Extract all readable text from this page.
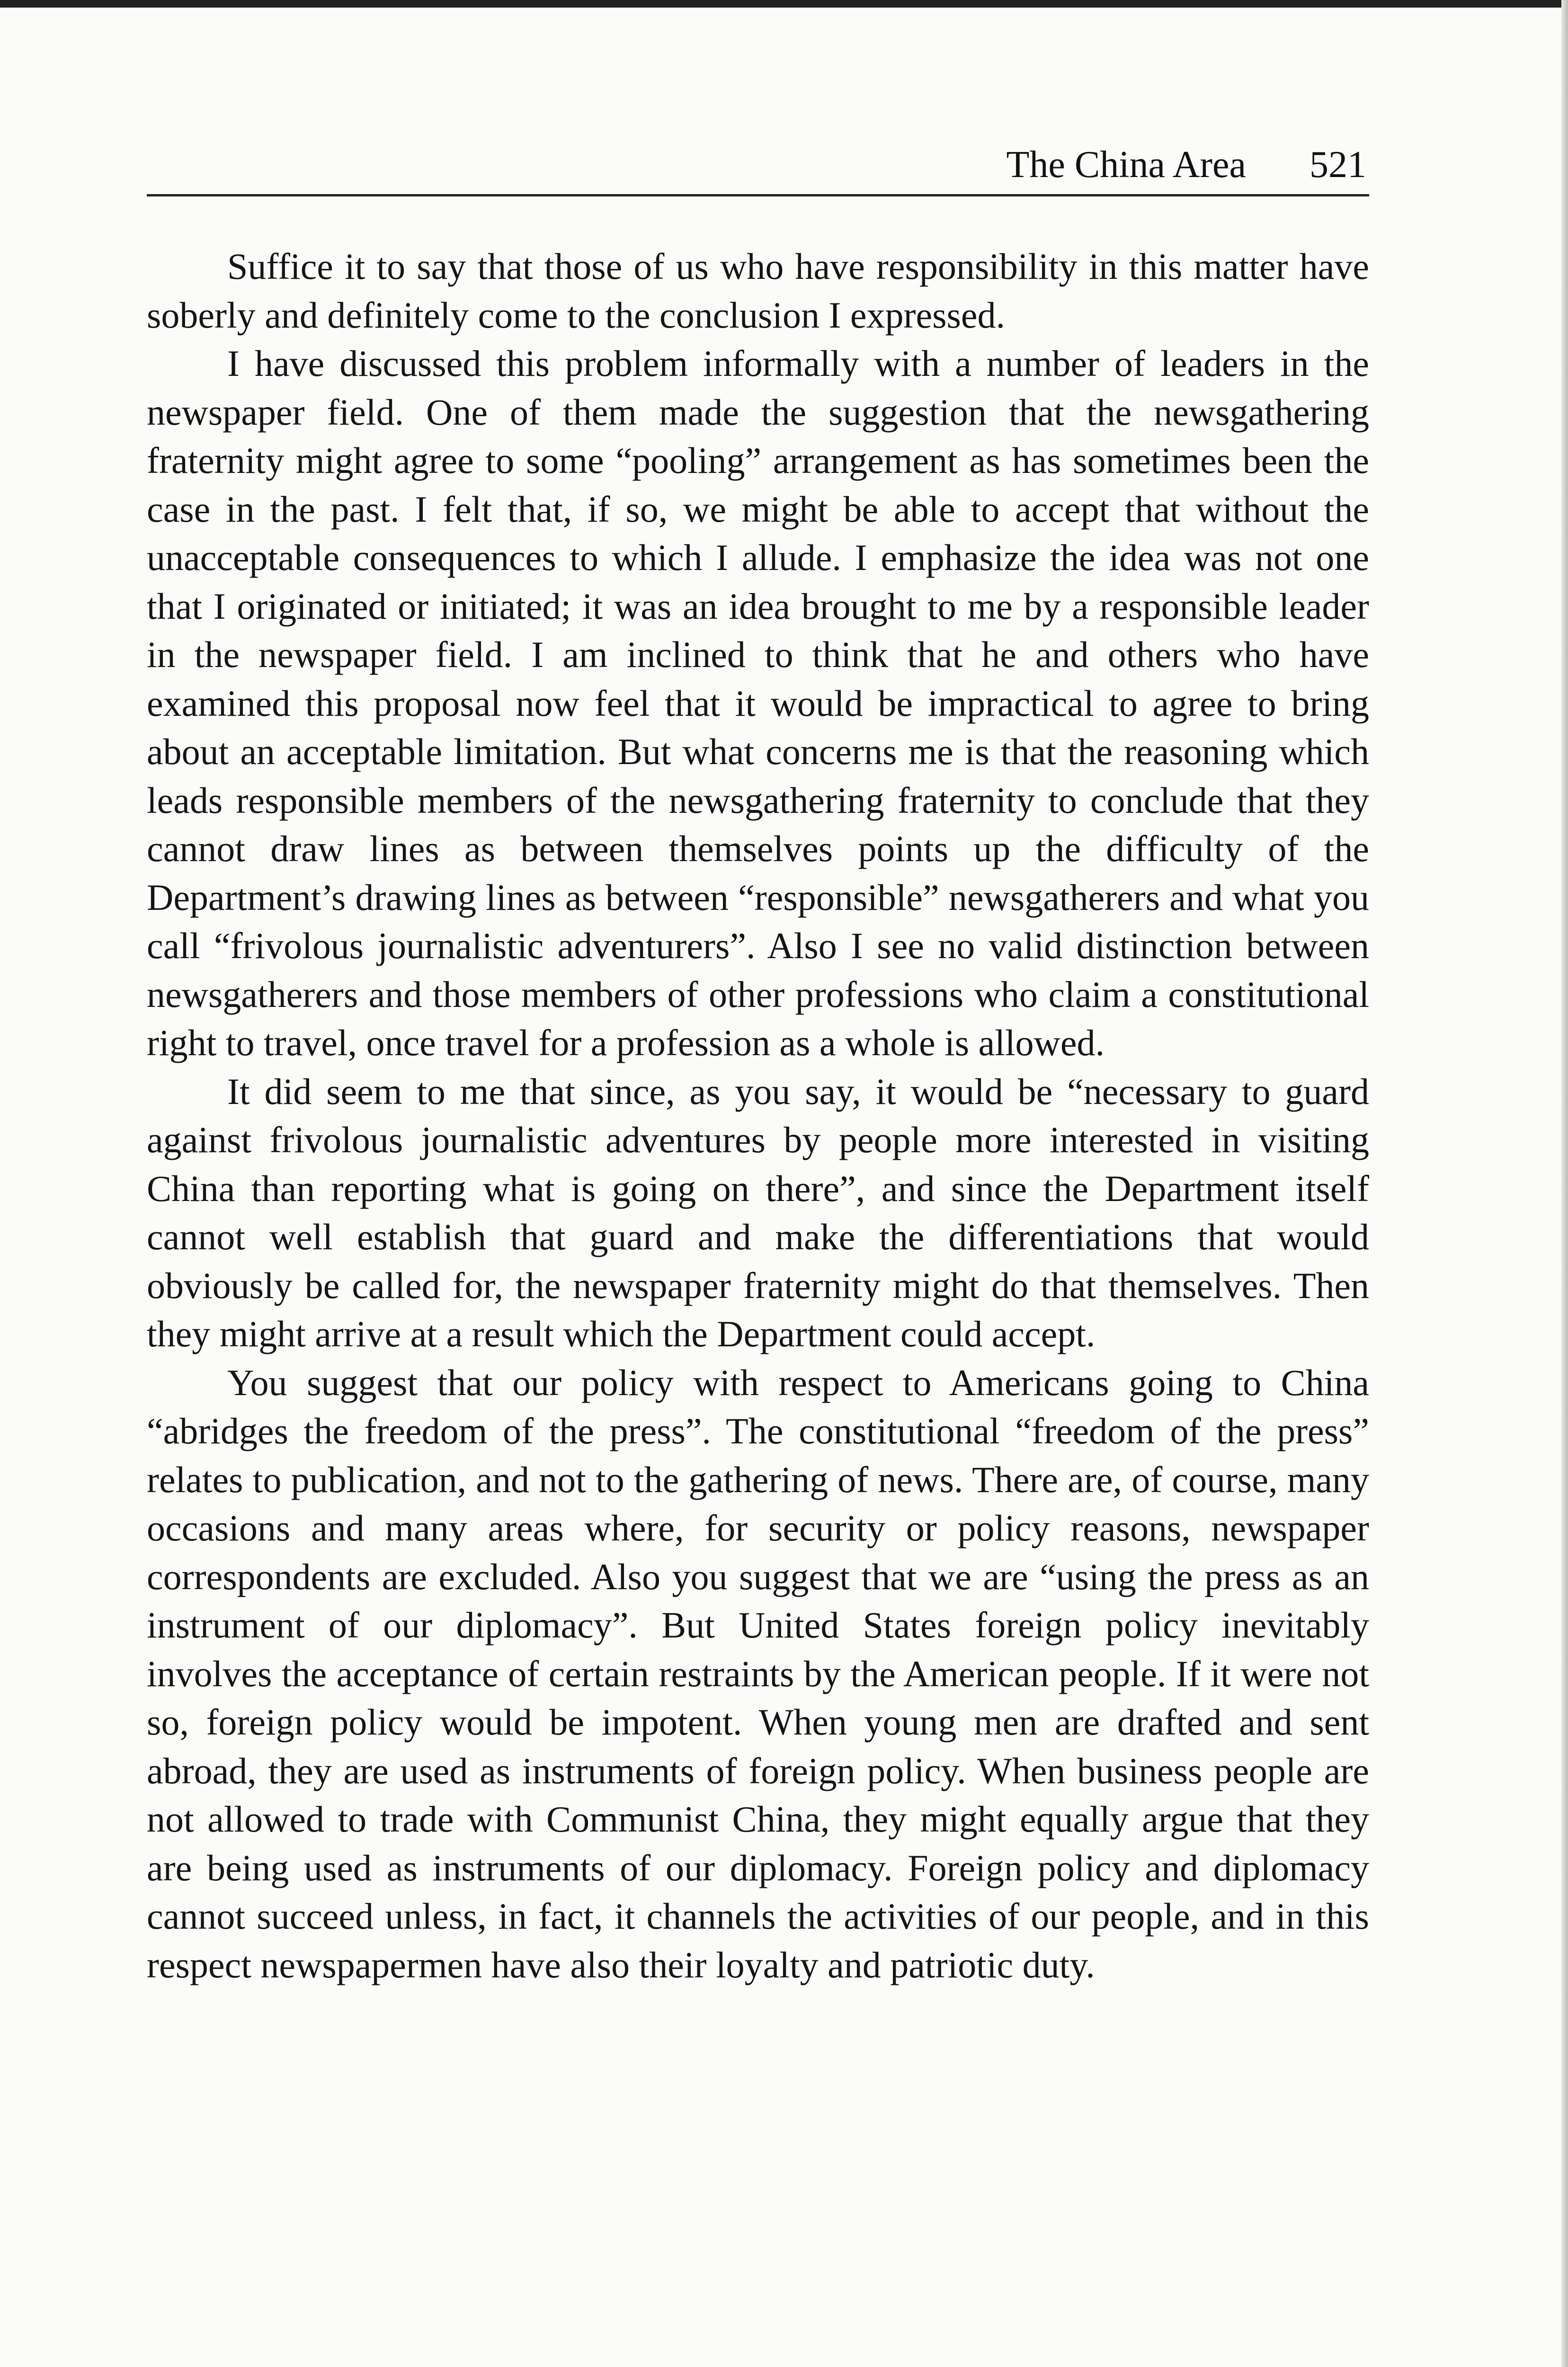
The China Area 521

Suffice it to say that those of us who have responsibility in this matter have soberly and definitely come to the conclusion I expressed.

I have discussed this problem informally with a number of leaders in the newspaper field. One of them made the suggestion that the newsgathering fraternity might agree to some “pooling” arrangement as has sometimes been the case in the past. I felt that, if so, we might be able to accept that without the unacceptable consequences to which I allude. I emphasize the idea was not one that I originated or initiated; it was an idea brought to me by a responsible leader in the newspaper field. I am inclined to think that he and others who have examined this proposal now feel that it would be impractical to agree to bring about an acceptable limitation. But what concerns me is that the reasoning which leads responsible members of the newsgathering fraternity to conclude that they cannot draw lines as between themselves points up the difficulty of the Department’s drawing lines as between “responsible” newsgatherers and what you call “frivolous journalistic adventurers”. Also I see no valid distinction between newsgatherers and those members of other professions who claim a constitutional right to travel, once travel for a profession as a whole is allowed.

It did seem to me that since, as you say, it would be “necessary to guard against frivolous journalistic adventures by people more interested in visiting China than reporting what is going on there”, and since the Department itself cannot well establish that guard and make the differentiations that would obviously be called for, the newspaper fraternity might do that themselves. Then they might arrive at a result which the Department could accept.

You suggest that our policy with respect to Americans going to China “abridges the freedom of the press”. The constitutional “freedom of the press” relates to publication, and not to the gathering of news. There are, of course, many occasions and many areas where, for security or policy reasons, newspaper correspondents are excluded. Also you suggest that we are “using the press as an instrument of our diplomacy”. But United States foreign policy inevitably involves the acceptance of certain restraints by the American people. If it were not so, foreign policy would be impotent. When young men are drafted and sent abroad, they are used as instruments of foreign policy. When business people are not allowed to trade with Communist China, they might equally argue that they are being used as instruments of our diplomacy. Foreign policy and diplomacy cannot succeed unless, in fact, it channels the activities of our people, and in this respect newspapermen have also their loyalty and patriotic duty.
